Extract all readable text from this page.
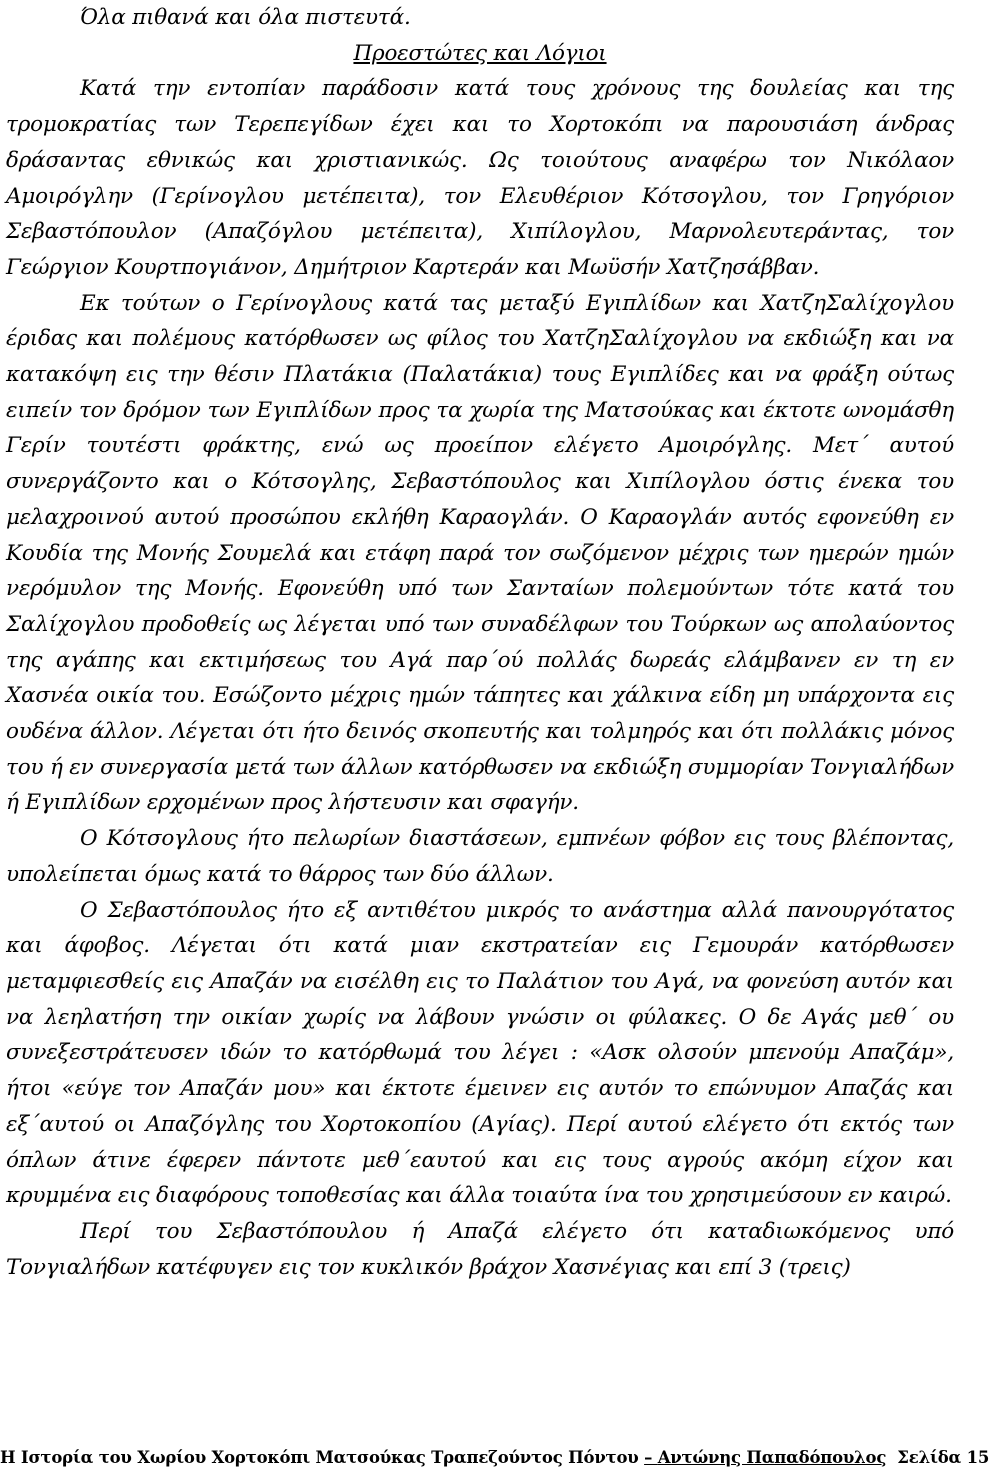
Όλα πιθανά και όλα πιστευτά.

Προεστώτες και Λόγιοι

Κατά την εντοπίαν παράδοσιν κατά τους χρόνους της δουλείας και της τρομοκρατίας των Τερεπεγίδων έχει και το Χορτοκόπι να παρουσιάση άνδρας δράσαντας εθνικώς και χριστιανικώς. Ως τοιούτους αναφέρω τον Νικόλαον Αμοιρόγλην (Γερίνογλου μετέπειτα), τον Ελευθέριον Κότσογλου, τον Γρηγόριον Σεβαστόπουλον (Απαζόγλου μετέπειτα), Χιπίλογλου, Μαρνολευτεράντας, τον Γεώργιον Κουρτπογιάνον, Δημήτριον Καρτεράν και Μωϋσήν Χατζησάββαν.

Εκ τούτων ο Γερίνογλους κατά τας μεταξύ Εγιπλίδων και ΧατζηΣαλίχογλου έριδας και πολέμους κατόρθωσεν ως φίλος του ΧατζηΣαλίχογλου να εκδιώξη και να κατακόψη εις την θέσιν Πλατάκια (Παλατάκια) τους Εγιπλίδες και να φράξη ούτως ειπείν τον δρόμον των Εγιπλίδων προς τα χωρία της Ματσούκας και έκτοτε ωνομάσθη Γερίν τουτέστι φράκτης, ενώ ως προείπον ελέγετο Αμοιρόγλης. Μετ΄ αυτού συνεργάζοντο και ο Κότσογλης, Σεβαστόπουλος και Χιπίλογλου όστις ένεκα του μελαχροινού αυτού προσώπου εκλήθη Καραογλάν. Ο Καραογλάν αυτός εφονεύθη εν Κουδία της Μονής Σουμελά και ετάφη παρά τον σωζόμενον μέχρις των ημερών ημών νερόμυλον της Μονής. Εφονεύθη υπό των Σανταίων πολεμούντων τότε κατά του Σαλίχογλου προδοθείς ως λέγεται υπό των συναδέλφων του Τούρκων ως απολαύοντος της αγάπης και εκτιμήσεως του Αγά παρ΄ού πολλάς δωρεάς ελάμβανεν εν τη εν Χασνέα οικία του. Εσώζοντο μέχρις ημών τάπητες και χάλκινα είδη μη υπάρχοντα εις ουδένα άλλον. Λέγεται ότι ήτο δεινός σκοπευτής και τολμηρός και ότι πολλάκις μόνος του ή εν συνεργασία μετά των άλλων κατόρθωσεν να εκδιώξη συμμορίαν Τονγιαλήδων ή Εγιπλίδων ερχομένων προς λήστευσιν και σφαγήν.

Ο Κότσογλους ήτο πελωρίων διαστάσεων, εμπνέων φόβον εις τους βλέποντας, υπολείπεται όμως κατά το θάρρος των δύο άλλων.

Ο Σεβαστόπουλος ήτο εξ αντιθέτου μικρός το ανάστημα αλλά πανουργότατος και άφοβος. Λέγεται ότι κατά μιαν εκστρατείαν εις Γεμουράν κατόρθωσεν μεταμφιεσθείς εις Απαζάν να εισέλθη εις το Παλάτιον του Αγά, να φονεύση αυτόν και να λεηλατήση την οικίαν χωρίς να λάβουν γνώσιν οι φύλακες. Ο δε Αγάς μεθ΄ ου συνεξεστράτευσεν ιδών το κατόρθωμά του λέγει : «Ασκ ολσούν μπενούμ Απαζάμ», ήτοι «εύγε τον Απαζάν μου» και έκτοτε έμεινεν εις αυτόν το επώνυμον Απαζάς και εξ΄αυτού οι Απαζόγλης του Χορτοκοπίου (Αγίας). Περί αυτού ελέγετο ότι εκτός των όπλων άτινε έφερεν πάντοτε μεθ΄εαυτού και εις τους αγρούς ακόμη είχον και κρυμμένα εις διαφόρους τοποθεσίας και άλλα τοιαύτα ίνα του χρησιμεύσουν εν καιρώ.

Περί του Σεβαστόπουλου ή Απαζά ελέγετο ότι καταδιωκόμενος υπό Τονγιαλήδων κατέφυγεν εις τον κυκλικόν βράχον Χασνέγιας και επί 3 (τρεις)

Η Ιστορία του Χωρίου Χορτοκόπι Ματσούκας Τραπεζούντος Πόντου – Αντώνης Παπαδόπουλος Σελίδα 15
